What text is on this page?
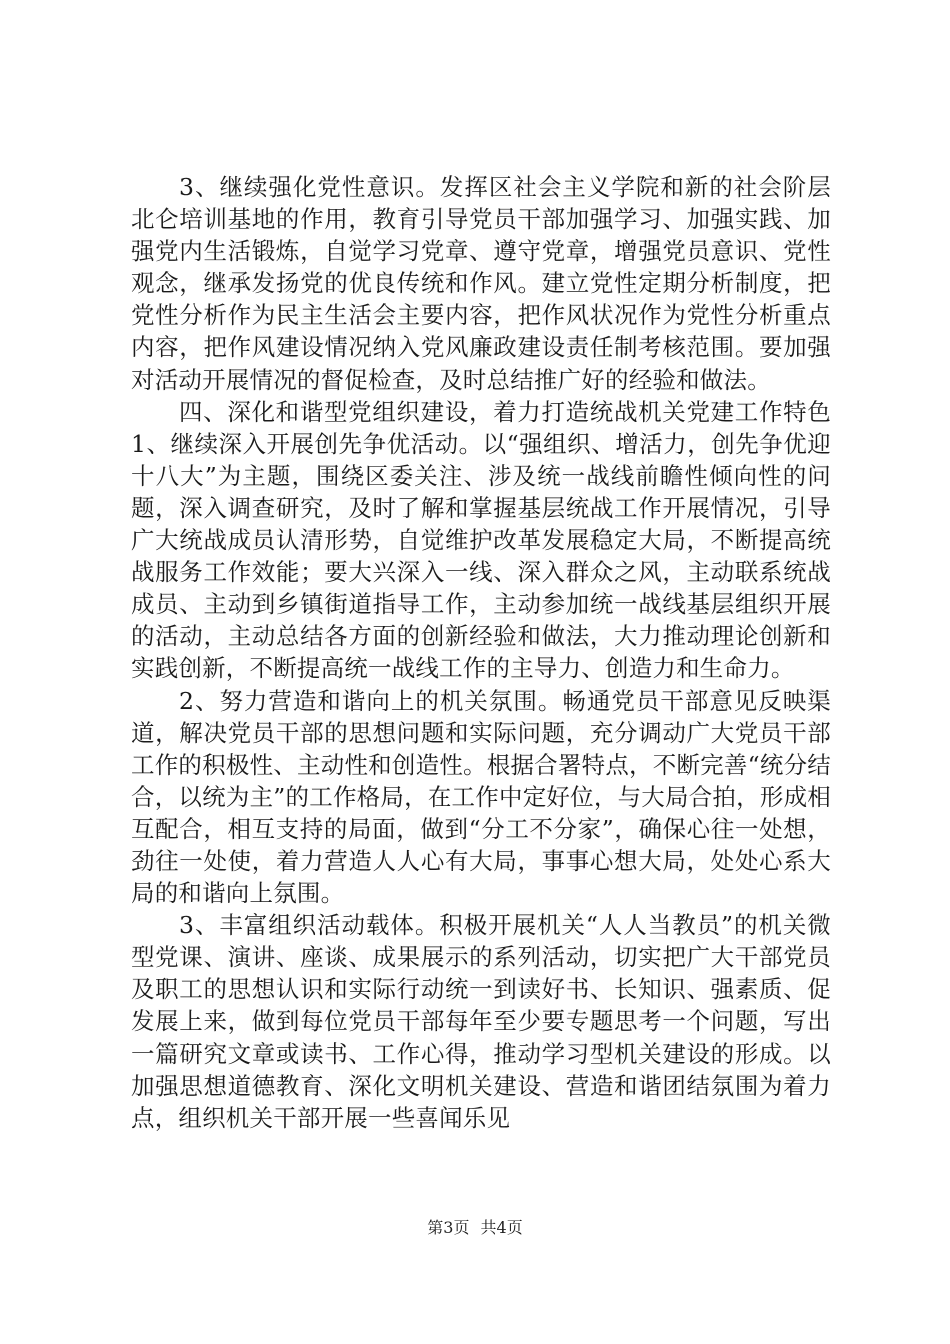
3、继续强化党性意识。发挥区社会主义学院和新的社会阶层北仑培训基地的作用，教育引导党员干部加强学习、加强实践、加强党内生活锻炼，自觉学习党章、遵守党章，增强党员意识、党性观念，继承发扬党的优良传统和作风。建立党性定期分析制度，把党性分析作为民主生活会主要内容，把作风状况作为党性分析重点内容，把作风建设情况纳入党风廉政建设责任制考核范围。要加强对活动开展情况的督促检查，及时总结推广好的经验和做法。

四、深化和谐型党组织建设，着力打造统战机关党建工作特色1、继续深入开展创先争优活动。以“强组织、增活力，创先争优迎十八大”为主题，围绕区委关注、涉及统一战线前瞻性倾向性的问题，深入调查研究，及时了解和掌握基层统战工作开展情况，引导广大统战成员认清形势，自觉维护改革发展稳定大局，不断提高统战服务工作效能；要大兴深入一线、深入群众之风，主动联系统战成员、主动到乡镇街道指导工作，主动参加统一战线基层组织开展的活动，主动总结各方面的创新经验和做法，大力推动理论创新和实践创新，不断提高统一战线工作的主导力、创造力和生命力。

2、努力营造和谐向上的机关氛围。畅通党员干部意见反映渠道，解决党员干部的思想问题和实际问题，充分调动广大党员干部工作的积极性、主动性和创造性。根据合署特点，不断完善“统分结合，以统为主”的工作格局，在工作中定好位，与大局合拍，形成相互配合，相互支持的局面，做到“分工不分家”，确保心往一处想，劲往一处使，着力营造人人心有大局，事事心想大局，处处心系大局的和谐向上氛围。

3、丰富组织活动载体。积极开展机关“人人当教员”的机关微型党课、演讲、座谈、成果展示的系列活动，切实把广大干部党员及职工的思想认识和实际行动统一到读好书、长知识、强素质、促发展上来，做到每位党员干部每年至少要专题思考一个问题，写出一篇研究文章或读书、工作心得，推动学习型机关建设的形成。以加强思想道德教育、深化文明机关建设、营造和谐团结氛围为着力点，组织机关干部开展一些喜闻乐见

第3页 共4页
